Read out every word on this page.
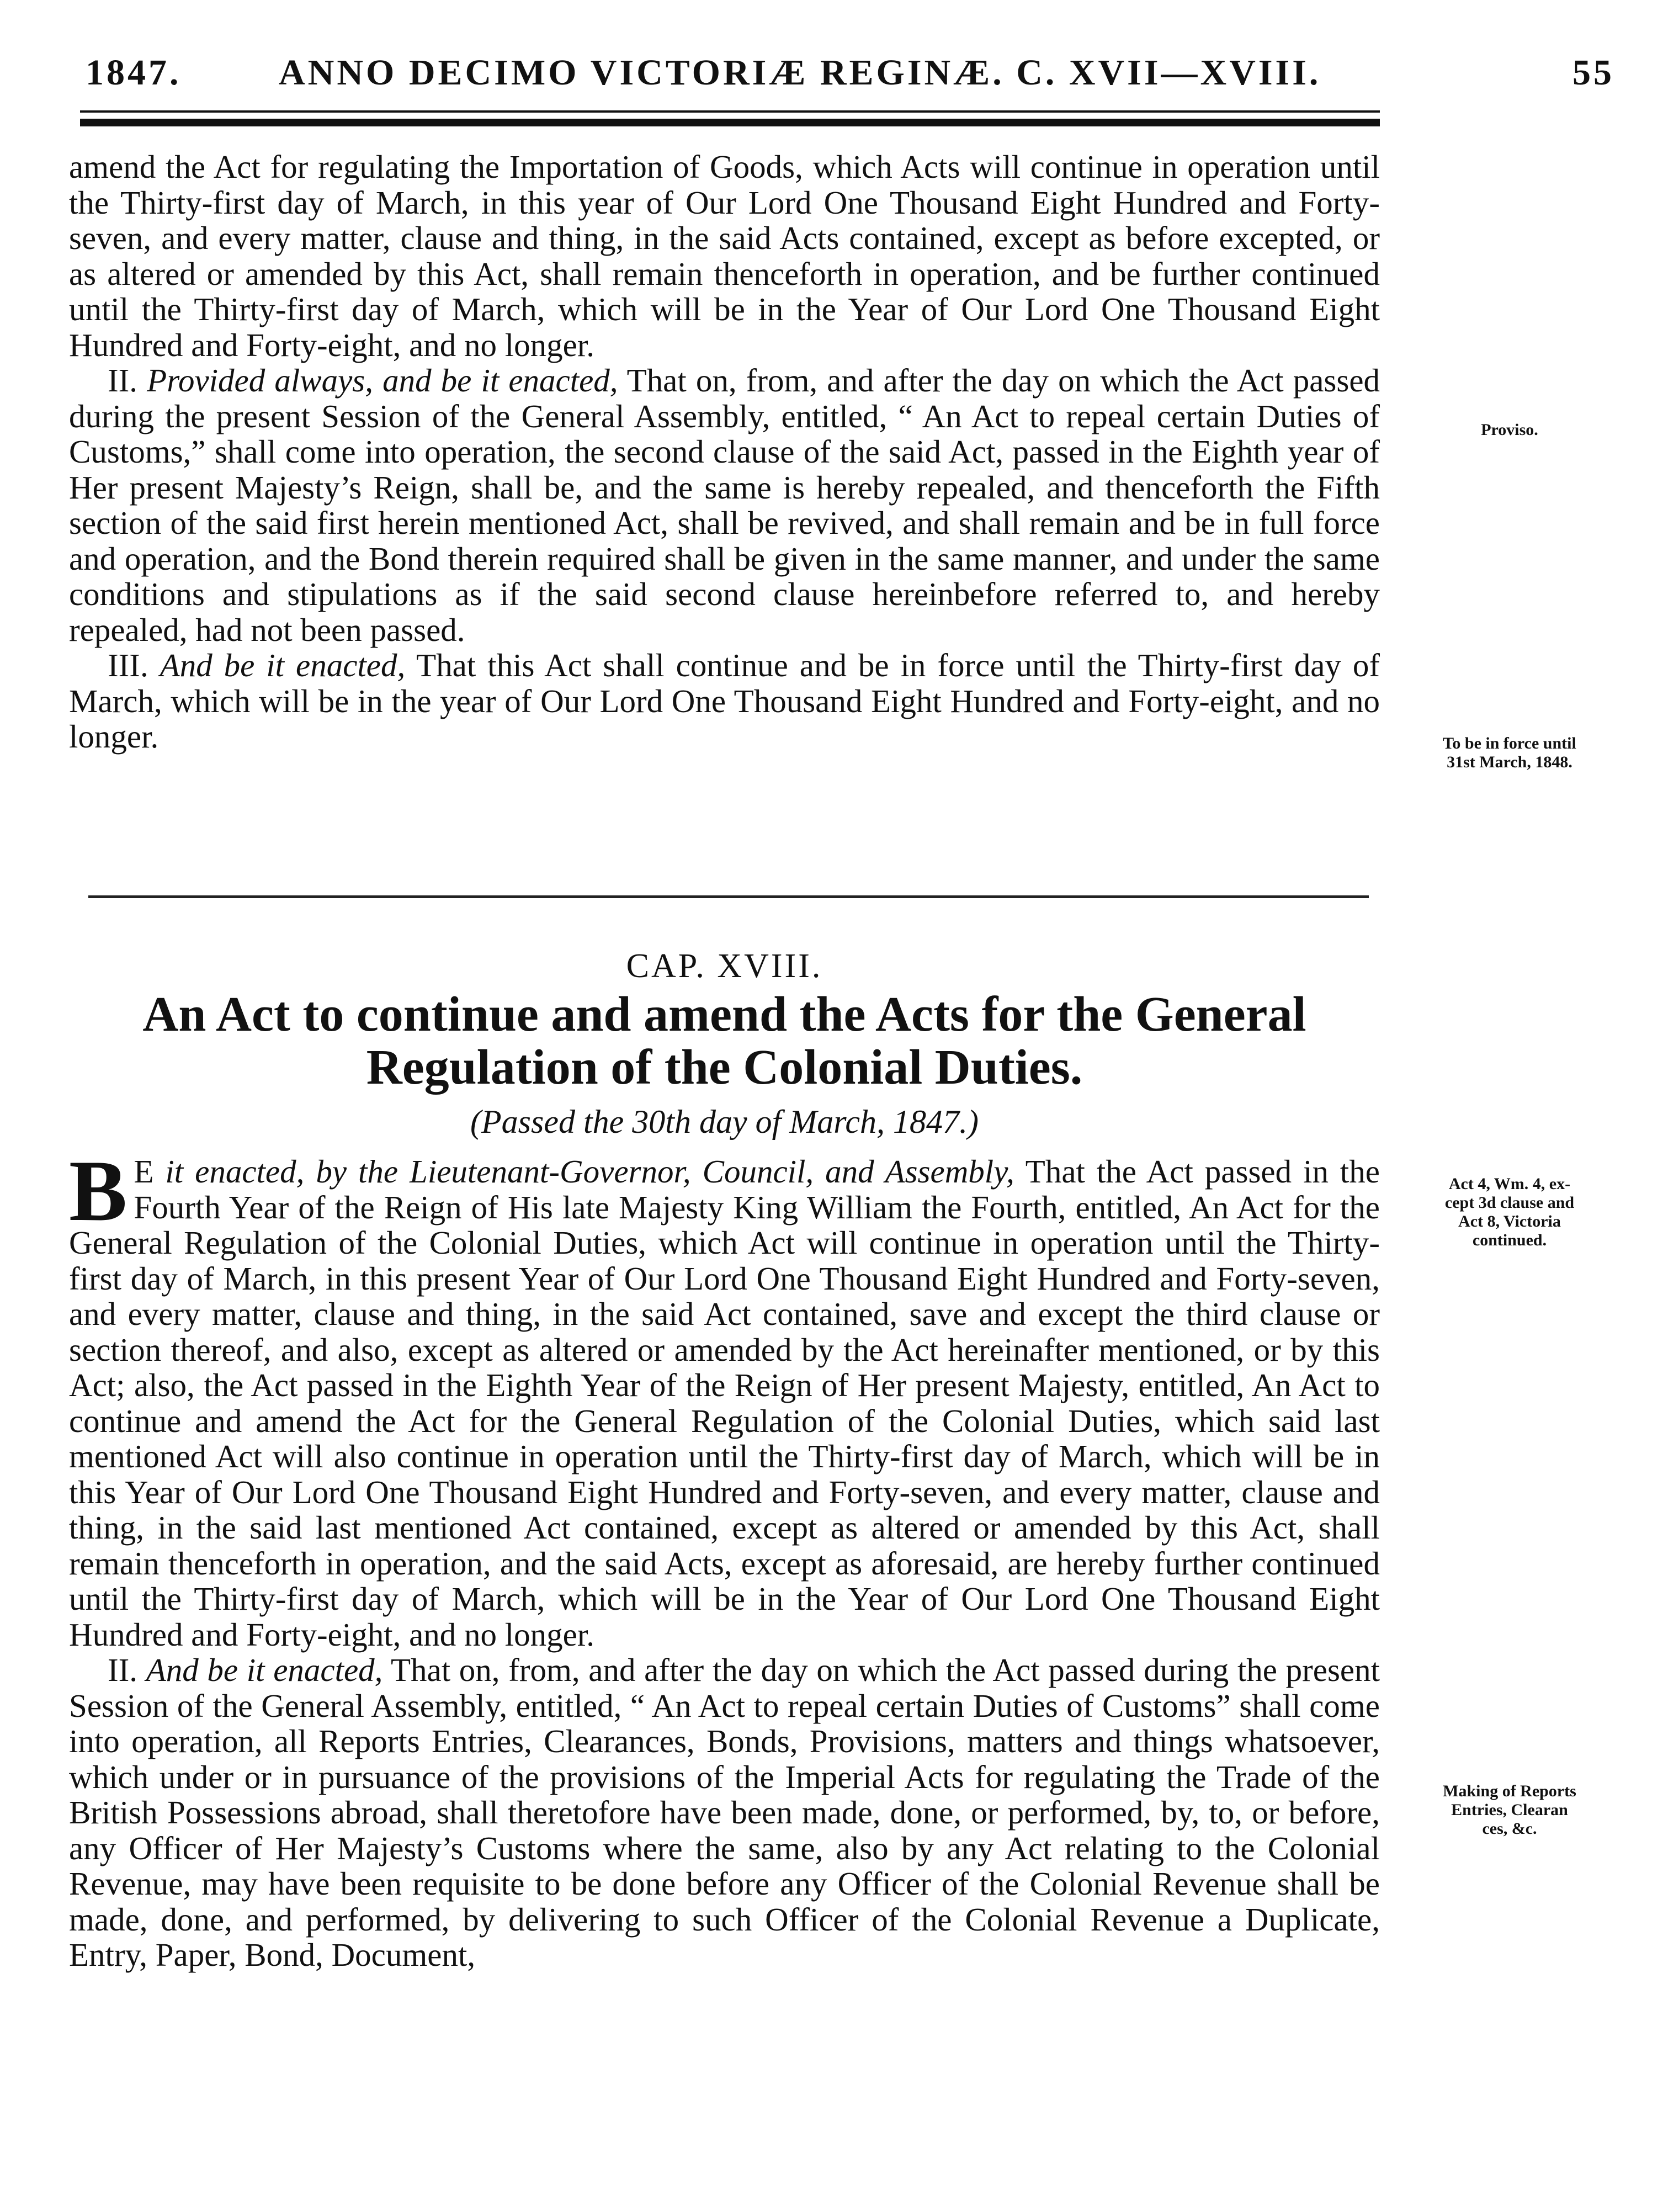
1847.	ANNO DECIMO VICTORIÆ REGINÆ. C. XVII—XVIII.	55

amend the Act for regulating the Importation of Goods, which Acts will continue in operation until the Thirty-first day of March, in this year of Our Lord One Thousand Eight Hundred and Forty-seven, and every matter, clause and thing, in the said Acts contained, except as before excepted, or as altered or amended by this Act, shall remain thenceforth in operation, and be further continued until the Thirty-first day of March, which will be in the Year of Our Lord One Thousand Eight Hundred and Forty-eight, and no longer.

II. Provided always, and be it enacted, That on, from, and after the day on which the Act passed during the present Session of the General Assembly, entitled, “ An Act to repeal certain Duties of Customs,” shall come into operation, the second clause of the said Act, passed in the Eighth year of Her present Majesty’s Reign, shall be, and the same is hereby repealed, and thenceforth the Fifth section of the said first herein mentioned Act, shall be revived, and shall remain and be in full force and operation, and the Bond therein required shall be given in the same manner, and under the same conditions and stipulations as if the said second clause hereinbefore referred to, and hereby repealed, had not been passed.

III. And be it enacted, That this Act shall continue and be in force until the Thirty-first day of March, which will be in the year of Our Lord One Thousand Eight Hundred and Forty-eight, and no longer.

Proviso.
To be in force until
31st March, 1848.
CAP. XVIII.
An Act to continue and amend the Acts for the General Regulation of the Colonial Duties.
(Passed the 30th day of March, 1847.)

B E it enacted, by the Lieutenant-Governor, Council, and Assembly, That the Act passed in the Fourth Year of the Reign of His late Majesty King William the Fourth, entitled, An Act for the General Regulation of the Colonial Duties, which Act will continue in operation until the Thirty-first day of March, in this present Year of Our Lord One Thousand Eight Hundred and Forty-seven, and every matter, clause and thing, in the said Act contained, save and except the third clause or section thereof, and also, except as altered or amended by the Act hereinafter mentioned, or by this Act; also, the Act passed in the Eighth Year of the Reign of Her present Majesty, entitled, An Act to continue and amend the Act for the General Regulation of the Colonial Duties, which said last mentioned Act will also continue in operation until the Thirty-first day of March, which will be in this Year of Our Lord One Thousand Eight Hundred and Forty-seven, and every matter, clause and thing, in the said last mentioned Act contained, except as altered or amended by this Act, shall remain thenceforth in operation, and the said Acts, except as aforesaid, are hereby further continued until the Thirty-first day of March, which will be in the Year of Our Lord One Thousand Eight Hundred and Forty-eight, and no longer.

II. And be it enacted, That on, from, and after the day on which the Act passed during the present Session of the General Assembly, entitled, “ An Act to repeal certain Duties of Customs” shall come into operation, all Reports Entries, Clearances, Bonds, Provisions, matters and things whatsoever, which under or in pursuance of the provisions of the Imperial Acts for regulating the Trade of the British Possessions abroad, shall theretofore have been made, done, or performed, by, to, or before, any Officer of Her Majesty’s Customs where the same, also by any Act relating to the Colonial Revenue, may have been requisite to be done before any Officer of the Colonial Revenue shall be made, done, and performed, by delivering to such Officer of the Colonial Revenue a Duplicate, Entry, Paper, Bond, Document,

Act 4, Wm. 4, ex-
cept 3d clause and
Act 8, Victoria
continued.
Making of Reports
Entries, Clearan
ces, &c.
